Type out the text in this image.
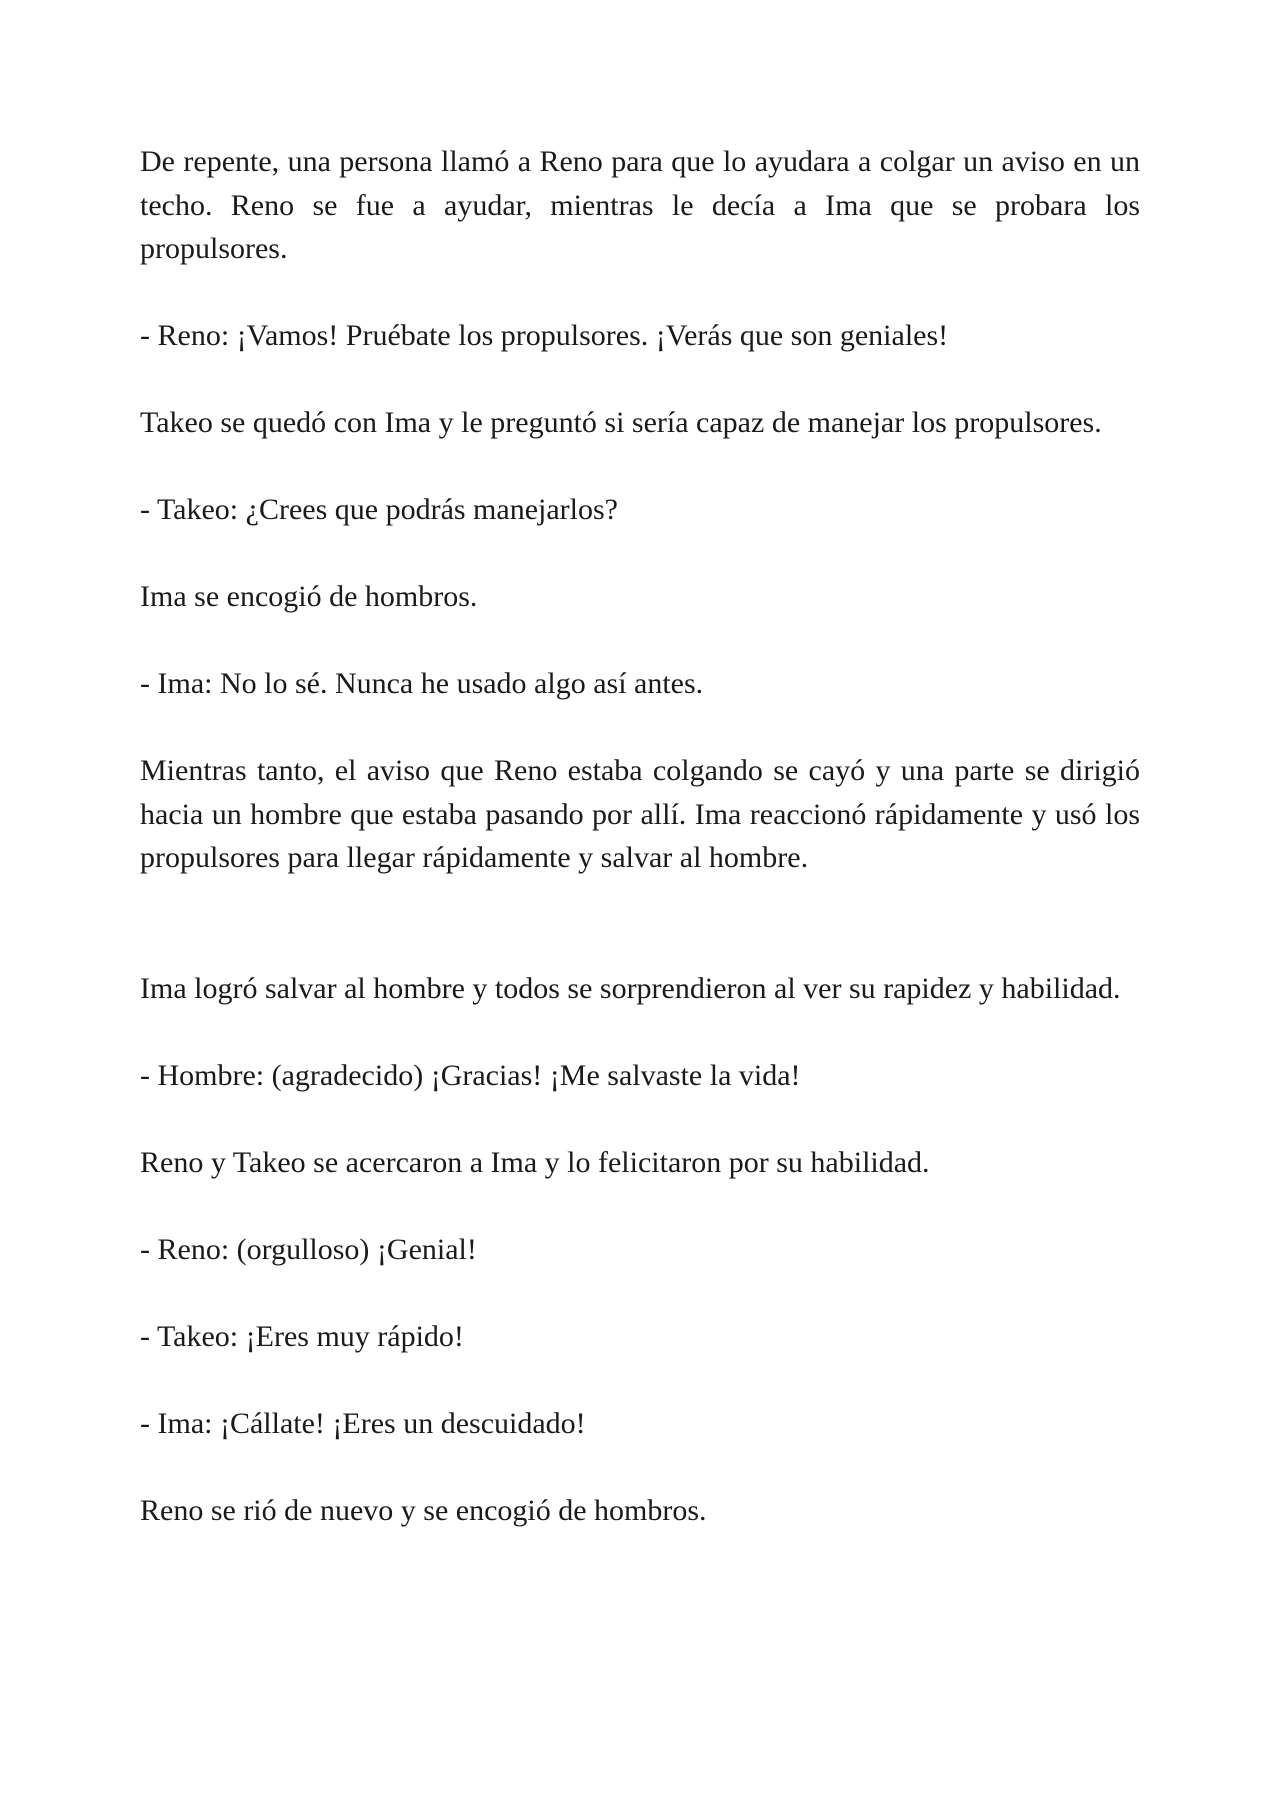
De repente, una persona llamó a Reno para que lo ayudara a colgar un aviso en un techo. Reno se fue a ayudar, mientras le decía a Ima que se probara los propulsores.

- Reno: ¡Vamos! Pruébate los propulsores. ¡Verás que son geniales!

Takeo se quedó con Ima y le preguntó si sería capaz de manejar los propulsores.

- Takeo: ¿Crees que podrás manejarlos?

Ima se encogió de hombros.

- Ima: No lo sé. Nunca he usado algo así antes.

Mientras tanto, el aviso que Reno estaba colgando se cayó y una parte se dirigió hacia un hombre que estaba pasando por allí. Ima reaccionó rápidamente y usó los propulsores para llegar rápidamente y salvar al hombre.

Ima logró salvar al hombre y todos se sorprendieron al ver su rapidez y habilidad.

- Hombre: (agradecido) ¡Gracias! ¡Me salvaste la vida!

Reno y Takeo se acercaron a Ima y lo felicitaron por su habilidad.

- Reno: (orgulloso) ¡Genial!

- Takeo: ¡Eres muy rápido!

- Ima: ¡Cállate! ¡Eres un descuidado!

Reno se rió de nuevo y se encogió de hombros.
